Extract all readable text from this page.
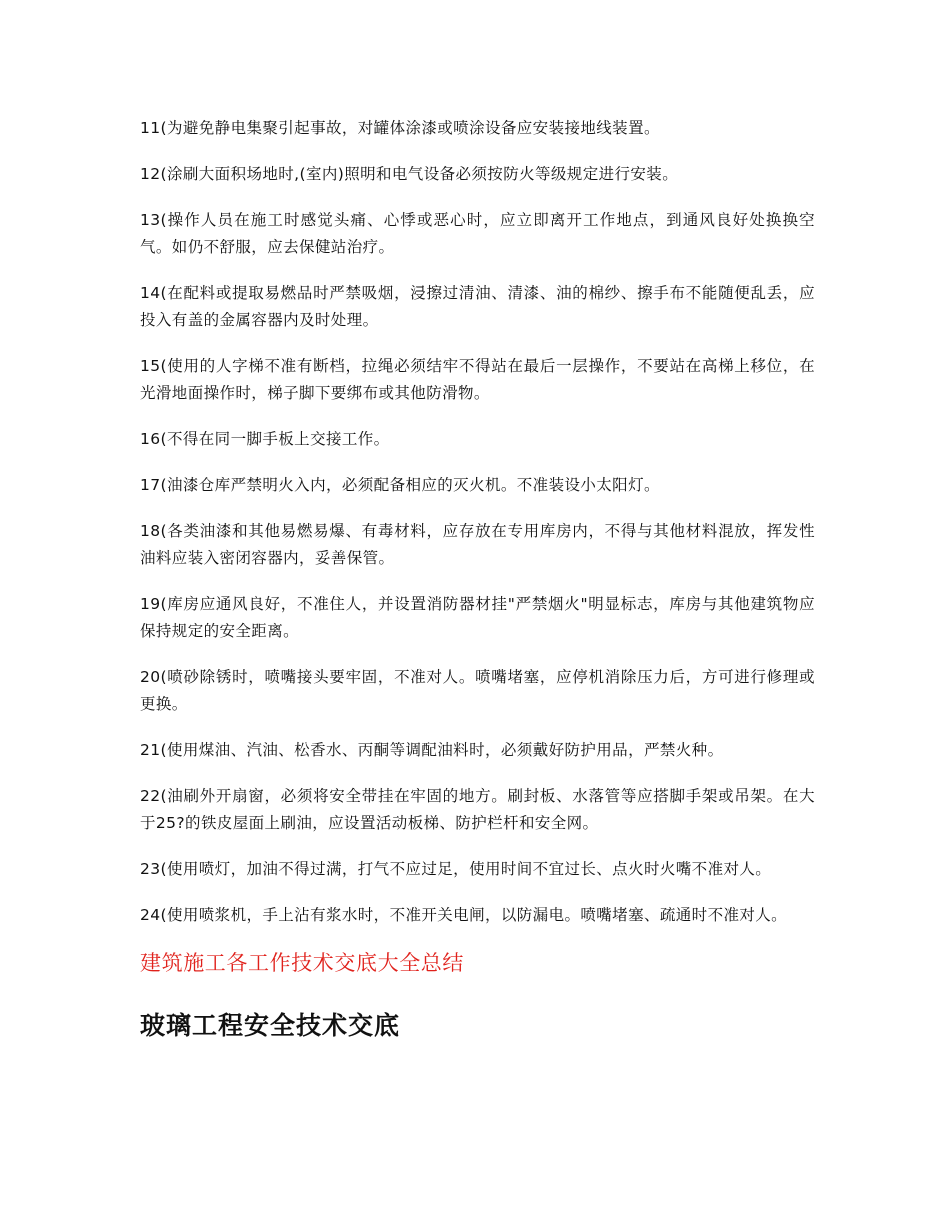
11(为避免静电集聚引起事故，对罐体涂漆或喷涂设备应安装接地线装置。

12(涂刷大面积场地时,(室内)照明和电气设备必须按防火等级规定进行安装。

13(操作人员在施工时感觉头痛、心悸或恶心时，应立即离开工作地点，到通风良好处换换空气。如仍不舒服，应去保健站治疗。

14(在配料或提取易燃品时严禁吸烟，浸擦过清油、清漆、油的棉纱、擦手布不能随便乱丢，应投入有盖的金属容器内及时处理。

15(使用的人字梯不准有断档，拉绳必须结牢不得站在最后一层操作，不要站在高梯上移位，在光滑地面操作时，梯子脚下要绑布或其他防滑物。

16(不得在同一脚手板上交接工作。

17(油漆仓库严禁明火入内，必须配备相应的灭火机。不准装设小太阳灯。

18(各类油漆和其他易燃易爆、有毒材料，应存放在专用库房内，不得与其他材料混放，挥发性油料应装入密闭容器内，妥善保管。

19(库房应通风良好，不准住人，并设置消防器材挂"严禁烟火"明显标志，库房与其他建筑物应保持规定的安全距离。

20(喷砂除锈时，喷嘴接头要牢固，不准对人。喷嘴堵塞，应停机消除压力后，方可进行修理或更换。

21(使用煤油、汽油、松香水、丙酮等调配油料时，必须戴好防护用品，严禁火种。

22(油刷外开扇窗，必须将安全带挂在牢固的地方。刷封板、水落管等应搭脚手架或吊架。在大于25?的铁皮屋面上刷油，应设置活动板梯、防护栏杆和安全网。

23(使用喷灯，加油不得过满，打气不应过足，使用时间不宜过长、点火时火嘴不准对人。

24(使用喷浆机，手上沾有浆水时，不准开关电闸，以防漏电。喷嘴堵塞、疏通时不准对人。

建筑施工各工作技术交底大全总结
玻璃工程安全技术交底
